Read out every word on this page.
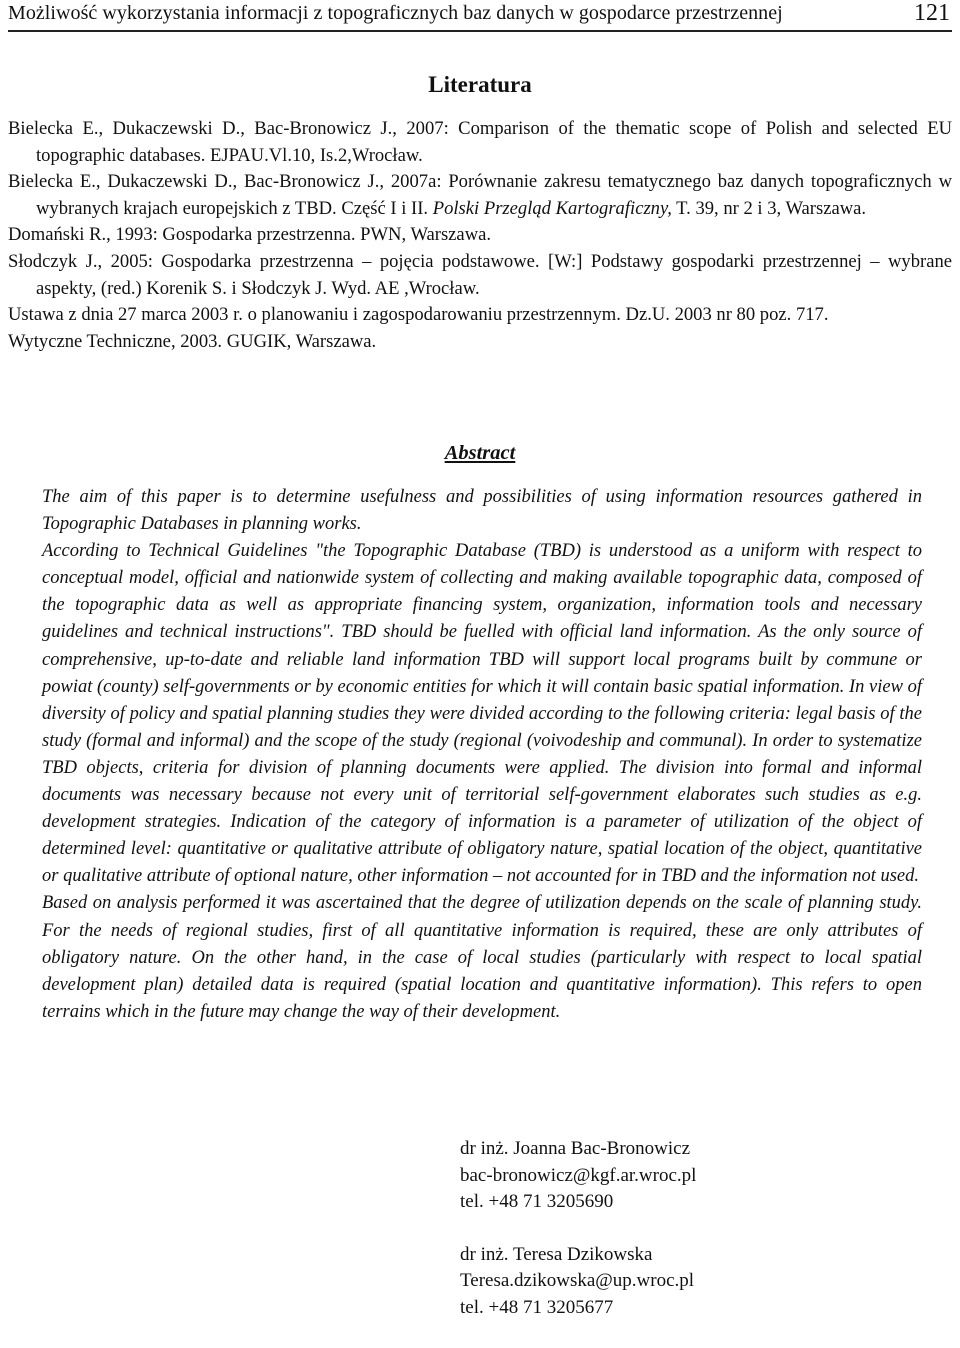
Możliwość wykorzystania informacji z topograficznych baz danych w gospodarce przestrzennej	121
Literatura
Bielecka E., Dukaczewski D., Bac-Bronowicz J., 2007: Comparison of the thematic scope of Polish and selected EU topographic databases. EJPAU.Vl.10, Is.2,Wrocław.
Bielecka E., Dukaczewski D., Bac-Bronowicz J., 2007a: Porównanie zakresu tematycznego baz danych topograficznych w wybranych krajach europejskich z TBD. Część I i II. Polski Przegląd Kartograficzny, T. 39, nr 2 i 3, Warszawa.
Domański R., 1993: Gospodarka przestrzenna. PWN, Warszawa.
Słodczyk J., 2005: Gospodarka przestrzenna – pojęcia podstawowe. [W:] Podstawy gospodarki przestrzennej – wybrane aspekty, (red.) Korenik S. i Słodczyk J. Wyd. AE ,Wrocław.
Ustawa z dnia 27 marca 2003 r. o planowaniu i zagospodarowaniu przestrzennym. Dz.U. 2003 nr 80 poz. 717.
Wytyczne Techniczne, 2003. GUGIK, Warszawa.
Abstract

The aim of this paper is to determine usefulness and possibilities of using information resources gathered in Topographic Databases in planning works.

According to Technical Guidelines "the Topographic Database (TBD) is understood as a uniform with respect to conceptual model, official and nationwide system of collecting and making available topographic data, composed of the topographic data as well as appropriate financing system, organization, information tools and necessary guidelines and technical instructions". TBD should be fuelled with official land information. As the only source of comprehensive, up-to-date and reliable land information TBD will support local programs built by commune or powiat (county) self-governments or by economic entities for which it will contain basic spatial information. In view of diversity of policy and spatial planning studies they were divided according to the following criteria: legal basis of the study (formal and informal) and the scope of the study (regional (voivodeship and communal). In order to systematize TBD objects, criteria for division of planning documents were applied. The division into formal and informal documents was necessary because not every unit of territorial self-government elaborates such studies as e.g. development strategies. Indication of the category of information is a parameter of utilization of the object of determined level: quantitative or qualitative attribute of obligatory nature, spatial location of the object, quantitative or qualitative attribute of optional nature, other information – not accounted for in TBD and the information not used.

Based on analysis performed it was ascertained that the degree of utilization depends on the scale of planning study. For the needs of regional studies, first of all quantitative information is required, these are only attributes of obligatory nature. On the other hand, in the case of local studies (particularly with respect to local spatial development plan) detailed data is required (spatial location and quantitative information). This refers to open terrains which in the future may change the way of their development.

dr inż. Joanna Bac-Bronowicz
bac-bronowicz@kgf.ar.wroc.pl
tel. +48 71 3205690
dr inż. Teresa Dzikowska
Teresa.dzikowska@up.wroc.pl
tel. +48 71 3205677
